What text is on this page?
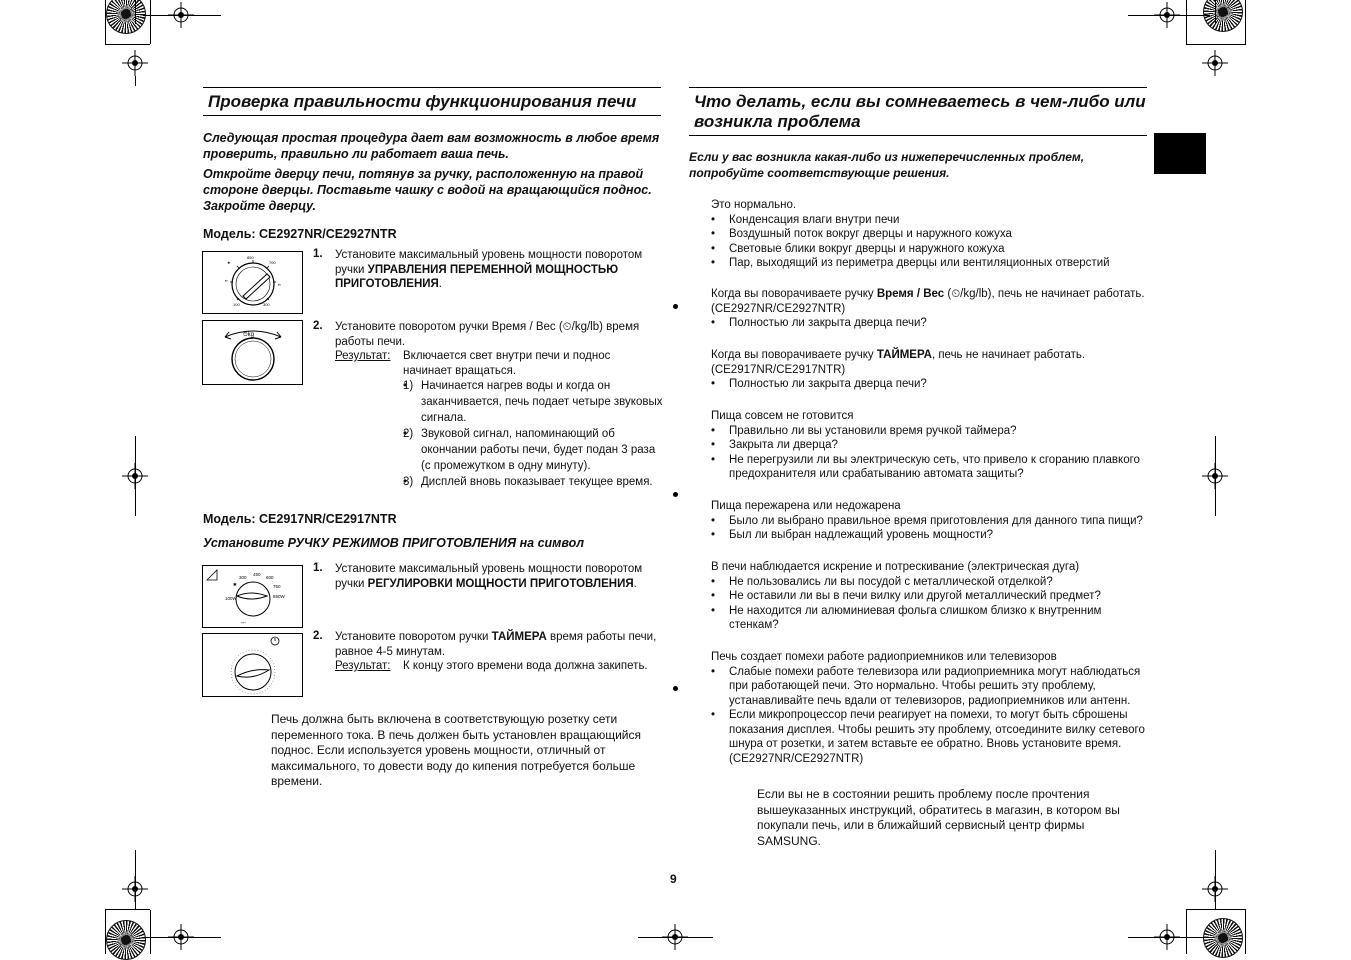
Проверка правильности функционирования печи
Следующая простая процедура дает вам возможность в любое время проверить, правильно ли работает ваша печь.
Откройте дверцу печи, потянув за ручку, расположенную на правой стороне дверцы. Поставьте чашку с водой на вращающийся поднос. Закройте дверцу.
Модель: CE2927NR/CE2927NTR
850
700
★
▪▪
▪▪
100	300
1. Установите максимальный уровень мощности поворотом ручки УПРАВЛЕНИЯ ПЕРЕМЕННОЙ МОЩНОСТЬЮ ПРИГОТОВЛЕНИЯ.
⏲kg
2. Установите поворотом ручки Время / Вес (⏲/kg/lb) время работы печи.
Результат: Включается свет внутри печи и поднос начинает вращаться.
• 1) Начинается нагрев воды и когда он заканчивается, печь подает четыре звуковых сигнала.
• 2) Звуковой сигнал, напоминающий об окончании работы печи, будет подан 3 раза (с промежутком в одну минуту).
• 3) Дисплей вновь показывает текущее время.
Модель: CE2917NR/CE2917NTR
Установите РУЧКУ РЕЖИМОВ ПРИГОТОВЛЕНИЯ на символ
300
450
600
750
850W
100W
✱
▫▫▫
1. Установите максимальный уровень мощности поворотом ручки РЕГУЛИРОВКИ МОЩНОСТИ ПРИГОТОВЛЕНИЯ.
2. Установите поворотом ручки ТАЙМЕРА время работы печи, равное 4-5 минутам.
Результат: К концу этого времени вода должна закипеть.
Печь должна быть включена в соответствующую розетку сети переменного тока. В печь должен быть установлен вращающийся поднос. Если используется уровень мощности, отличный от максимального, то довести воду до кипения потребуется больше времени.
Что делать, если вы сомневаетесь в чем-либо или
возникла проблема
Если у вас возникла какая-либо из нижеперечисленных проблем, попробуйте соответствующие решения.
Это нормально.
• Конденсация влаги внутри печи
• Воздушный поток вокруг дверцы и наружного кожуха
• Световые блики вокруг дверцы и наружного кожуха
• Пар, выходящий из периметра дверцы или вентиляционных отверстий
Когда вы поворачиваете ручку Время / Вес (⏲/kg/lb), печь не начинает работать.
(CE2927NR/CE2927NTR)
• Полностью ли закрыта дверца печи?
Когда вы поворачиваете ручку ТАЙМЕРА, печь не начинает работать.
(CE2917NR/CE2917NTR)
• Полностью ли закрыта дверца печи?
Пища совсем не готовится
• Правильно ли вы установили время ручкой таймера?
• Закрыта ли дверца?
• Не перегрузили ли вы электрическую сеть, что привело к сгоранию плавкого предохранителя или срабатыванию автомата защиты?
Пища пережарена или недожарена
• Было ли выбрано правильное время приготовления для данного типа пищи?
• Был ли выбран надлежащий уровень мощности?
В печи наблюдается искрение и потрескивание (электрическая дуга)
• Не пользовались ли вы посудой с металлической отделкой?
• Не оставили ли вы в печи вилку или другой металлический предмет?
• Не находится ли алюминиевая фольга слишком близко к внутренним стенкам?
Печь создает помехи работе радиоприемников или телевизоров
• Слабые помехи работе телевизора или радиоприемника могут наблюдаться при работающей печи. Это нормально. Чтобы решить эту проблему, устанавливайте печь вдали от телевизоров, радиоприемников или антенн.
• Если микропроцессор печи реагирует на помехи, то могут быть сброшены показания дисплея. Чтобы решить эту проблему, отсоедините вилку сетевого шнура от розетки, и затем вставьте ее обратно. Вновь установите время.(CE2927NR/CE2927NTR)
Если вы не в состоянии решить проблему после прочтения вышеуказанных инструкций, обратитесь в магазин, в котором вы покупали печь, или в ближайший сервисный центр фирмы SAMSUNG.
9
